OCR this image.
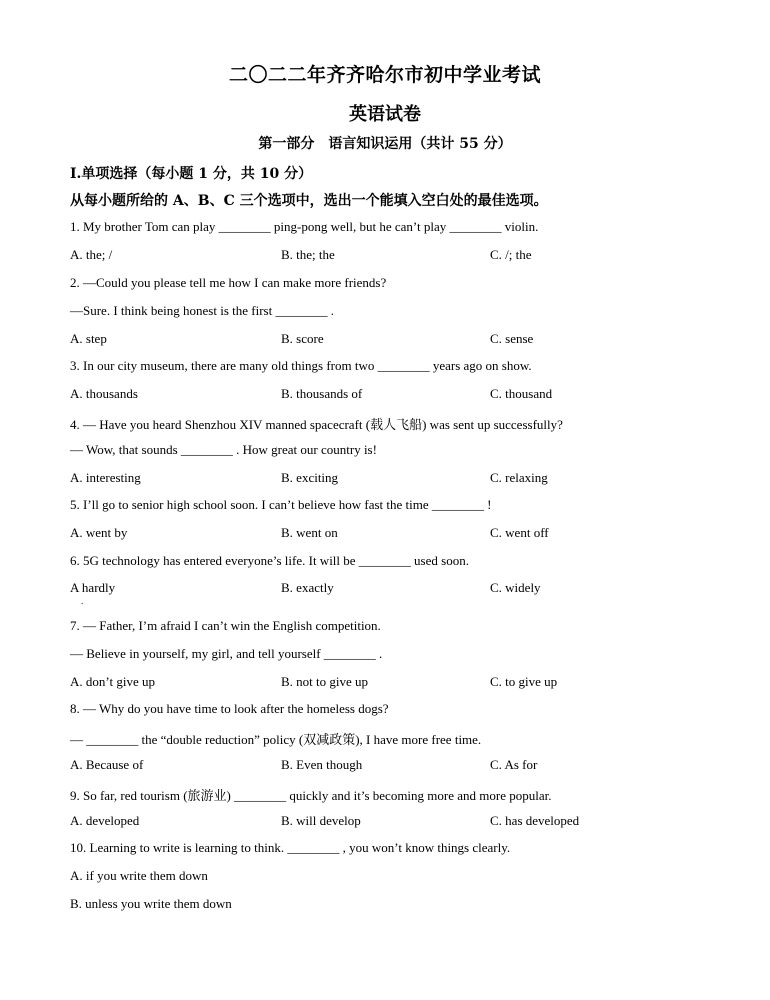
二〇二二年齐齐哈尔市初中学业考试
英语试卷
第一部分　语言知识运用（共计 55 分）
Ⅰ.单项选择（每小题 1 分，共 10 分）
从每小题所给的 A、B、C 三个选项中，选出一个能填入空白处的最佳选项。
1. My brother Tom can play ________ ping-pong well, but he can’t play ________ violin.
A. the; /	B. the; the	C. /; the
2. —Could you please tell me how I can make more friends?
—Sure. I think being honest is the first ________ .
A. step	B. score	C. sense
3. In our city museum, there are many old things from two ________ years ago on show.
A. thousands	B. thousands of	C. thousand
4. — Have you heard Shenzhou XIV manned spacecraft (载人飞船) was sent up successfully?
— Wow, that sounds ________ . How great our country is!
A. interesting	B. exciting	C. relaxing
5. I’ll go to senior high school soon. I can’t believe how fast the time ________ !
A. went by	B. went on	C. went off
6. 5G technology has entered everyone’s life. It will be ________ used soon.
A hardly	B. exactly	C. widely
.
7. — Father, I’m afraid I can’t win the English competition.
— Believe in yourself, my girl, and tell yourself ________ .
A. don’t give up	B. not to give up	C. to give up
8. — Why do you have time to look after the homeless dogs?
— ________ the “double reduction” policy (双减政策), I have more free time.
A. Because of	B. Even though	C. As for
9. So far, red tourism (旅游业) ________ quickly and it’s becoming more and more popular.
A. developed	B. will develop	C. has developed
10. Learning to write is learning to think. ________ , you won’t know things clearly.
A. if you write them down
B. unless you write them down
